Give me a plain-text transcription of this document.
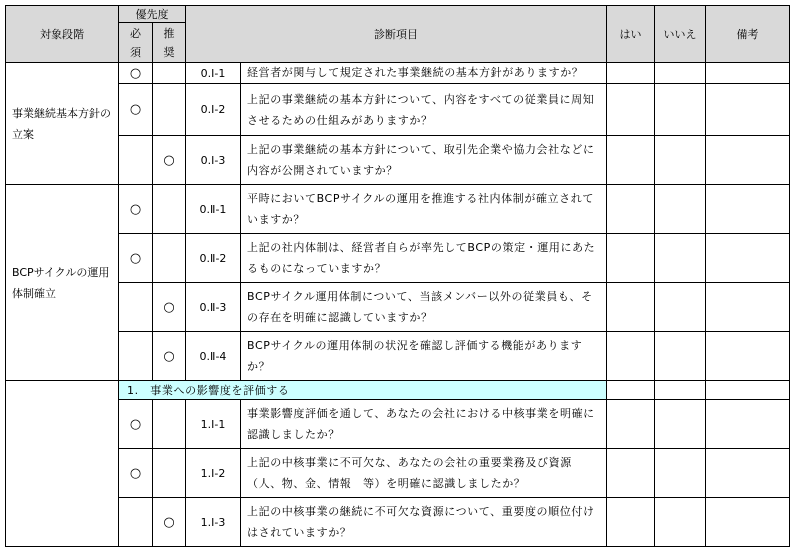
対象段階	優先度		診断項目		はい	いいえ	備考
	必須	推奨					
事業継続基本方針の立案	○		0.Ⅰ-1	経営者が関与して規定された事業継続の基本方針がありますか？			
	○		0.Ⅰ-2	上記の事業継続の基本方針について、内容をすべての従業員に周知させるための仕組みがありますか？			
		○	0.Ⅰ-3	上記の事業継続の基本方針について、取引先企業や協力会社などに内容が公開されていますか？			
BCPサイクルの運用体制確立	○		0.Ⅱ-1	平時においてBCPサイクルの運用を推進する社内体制が確立されていますか？			
	○		0.Ⅱ-2	上記の社内体制は、経営者自らが率先してBCPの策定・運用にあたるものになっていますか？			
		○	0.Ⅱ-3	BCPサイクル運用体制について、当該メンバー以外の従業員も、その存在を明確に認識していますか？			
		○	0.Ⅱ-4	BCPサイクルの運用体制の状況を確認し評価する機能がありますか？			
	1.　事業への影響度を評価する						
	○		1.Ⅰ-1	事業影響度評価を通して、あなたの会社における中核事業を明確に認識しましたか？			
	○		1.Ⅰ-2	上記の中核事業に不可欠な、あなたの会社の重要業務及び資源（人、物、金、情報　等）を明確に認識しましたか？			
		○	1.Ⅰ-3	上記の中核事業の継続に不可欠な資源について、重要度の順位付けはされていますか？			
